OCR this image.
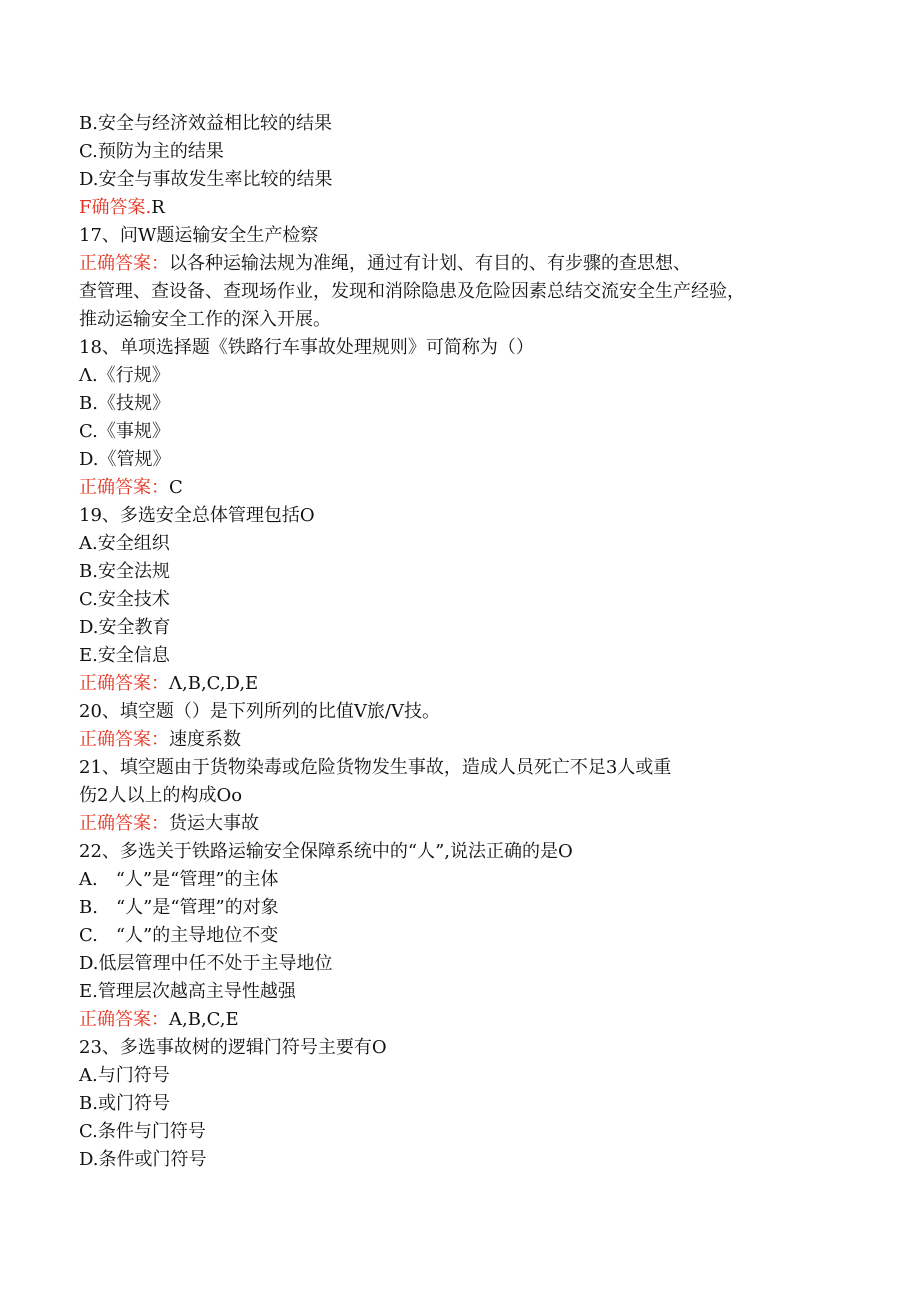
B.安全与经济效益相比较的结果
C.预防为主的结果
D.安全与事故发生率比较的结果
F确答案.R
17、问W题运输安全生产检察
正确答案：以各种运输法规为准绳，通过有计划、有目的、有步骤的查思想、
查管理、查设备、查现场作业，发现和消除隐患及危险因素总结交流安全生产经验，
推动运输安全工作的深入开展。
18、单项选择题《铁路行车事故处理规则》可简称为（）
Λ.《行规》
B.《技规》
C.《事规》
D.《管规》
正确答案：C
19、多选安全总体管理包括O
A.安全组织
B.安全法规
C.安全技术
D.安全教育
E.安全信息
正确答案：Λ,B,C,D,E
20、填空题（）是下列所列的比值V旅/V技。
正确答案：速度系数
21、填空题由于货物染毒或危险货物发生事故，造成人员死亡不足3人或重
伤2人以上的构成Oo
正确答案：货运大事故
22、多选关于铁路运输安全保障系统中的“人”,说法正确的是O
A.　“人”是“管理”的主体
B.　“人”是“管理”的对象
C.　“人”的主导地位不变
D.低层管理中任不处于主导地位
E.管理层次越高主导性越强
正确答案：A,B,C,E
23、多选事故树的逻辑门符号主要有O
A.与门符号
B.或门符号
C.条件与门符号
D.条件或门符号
